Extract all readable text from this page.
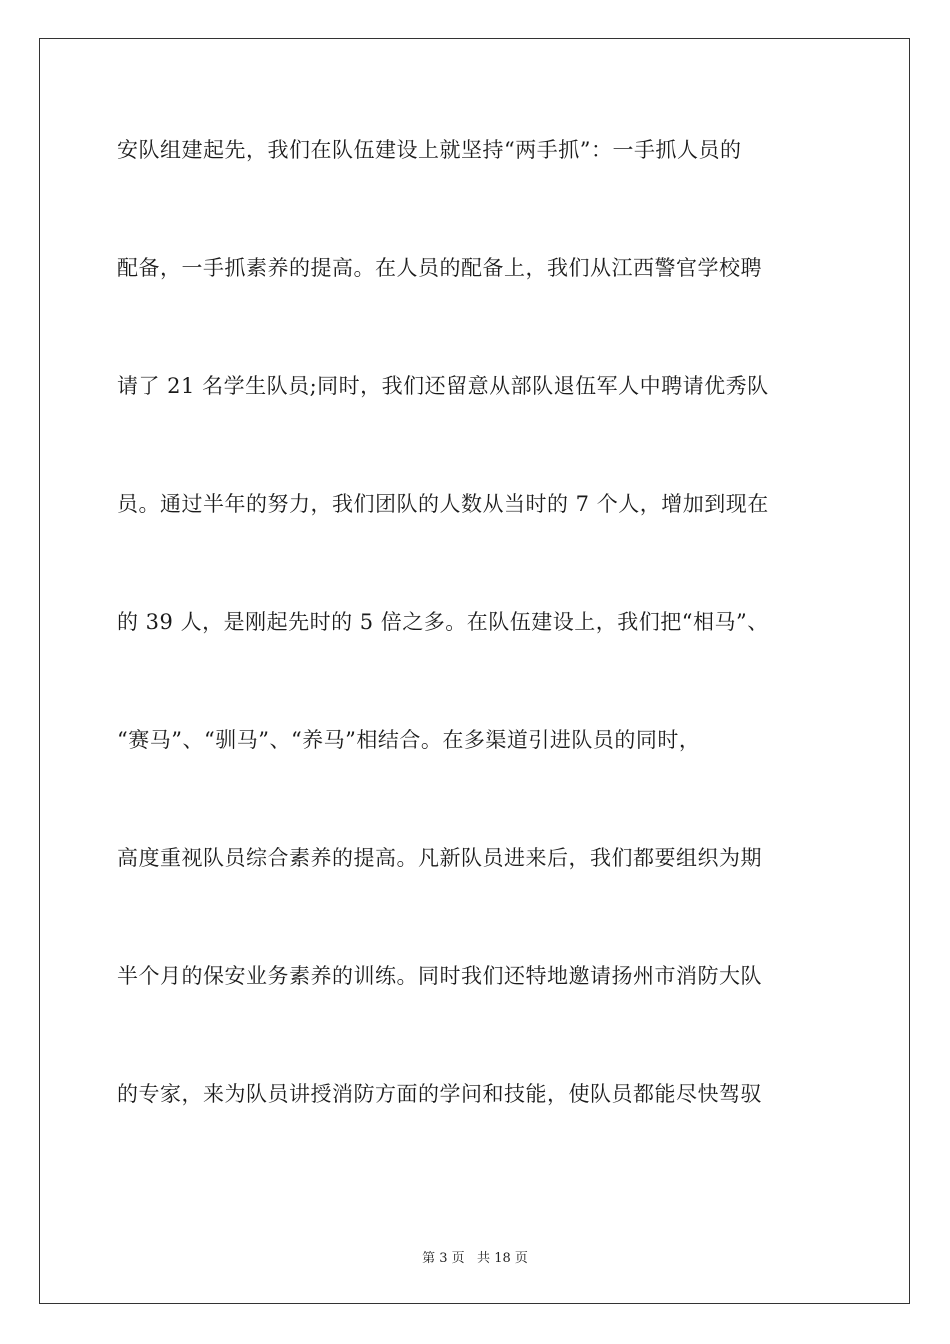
安队组建起先，我们在队伍建设上就坚持“两手抓”：一手抓人员的
配备，一手抓素养的提高。在人员的配备上，我们从江西警官学校聘
请了 21 名学生队员;同时，我们还留意从部队退伍军人中聘请优秀队
员。通过半年的努力，我们团队的人数从当时的 7 个人，增加到现在
的 39 人，是刚起先时的 5 倍之多。在队伍建设上，我们把“相马”、
“赛马”、“驯马”、“养马”相结合。在多渠道引进队员的同时，
高度重视队员综合素养的提高。凡新队员进来后，我们都要组织为期
半个月的保安业务素养的训练。同时我们还特地邀请扬州市消防大队
的专家，来为队员讲授消防方面的学问和技能，使队员都能尽快驾驭
第 3 页   共 18 页
